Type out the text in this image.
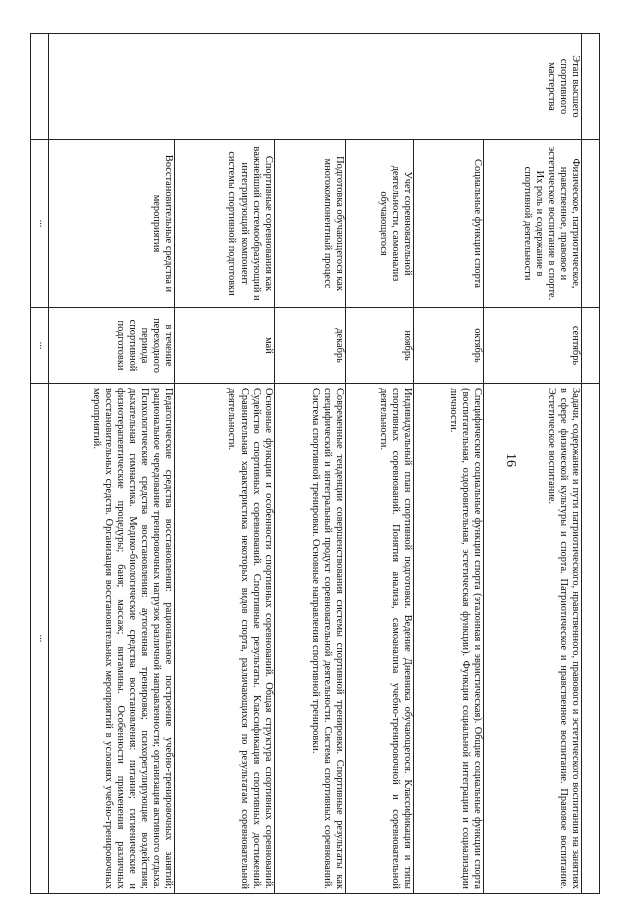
16

Этап высшего спортивного мастерства	Физическое, патриотическое, нравственное, правовое и эстетическое воспитание в спорте. Их роль и содержание в спортивной деятельности	сентябрь	Задачи, содержание и пути патриотического, нравственного, правового и эстетического воспитания на занятиях в сфере физической культуры и спорта. Патриотическое и нравственное воспитание. Правовое воспитание. Эстетическое воспитание.
	Социальные функции спорта	октябрь	Специфические социальные функции спорта (эталонная и эвристическая). Общие социальные функции спорта (воспитательная, оздоровительная, эстетическая функции). Функция социальной интеграции и социализации личности.
	Учет соревновательной деятельности, самоанализ обучающегося	ноябрь	Индивидуальный план спортивной подготовки. Ведение Дневника обучающегося. Классификация и типы спортивных соревнований. Понятия анализа, самоанализа учебно-тренировочной и соревновательной деятельности.
	Подготовка обучающегося как многокомпонентный процесс	декабрь	Современные тенденции совершенствования системы спортивной тренировки. Спортивные результаты как специфический и интегральный продукт соревновательной деятельности. Система спортивных соревнований. Система спортивной тренировки. Основные направления спортивной тренировки.
	Спортивные соревнования как важнейший системообразующий и интегрирующий компонент системы спортивной подготовки	май	Основные функции и особенности спортивных соревнований. Общая структура спортивных соревнований. Судейство спортивных соревнований. Спортивные результаты. Классификация спортивных достижений. Сравнительная характеристика некоторых видов спорта, различающихся по результатам соревновательной деятельности.
	Восстановительные средства и мероприятия	в течение переходного периода спортивной подготовки	Педагогические средства восстановления: рациональное построение учебно-тренировочных занятий; рациональное чередование тренировочных нагрузок различной направленности; организация активного отдыха. Психологические средства восстановления: аутогенная тренировка; психорегулирующие воздействия; дыхательная гимнастика. Медико-биологические средства восстановления: питание; гигиенические и физиотерапевтические процедуры; баня; массаж; витамины. Особенности применения различных восстановительных средств. Организация восстановительных мероприятий в условиях учебно-тренировочных мероприятий.
	...	...	...
